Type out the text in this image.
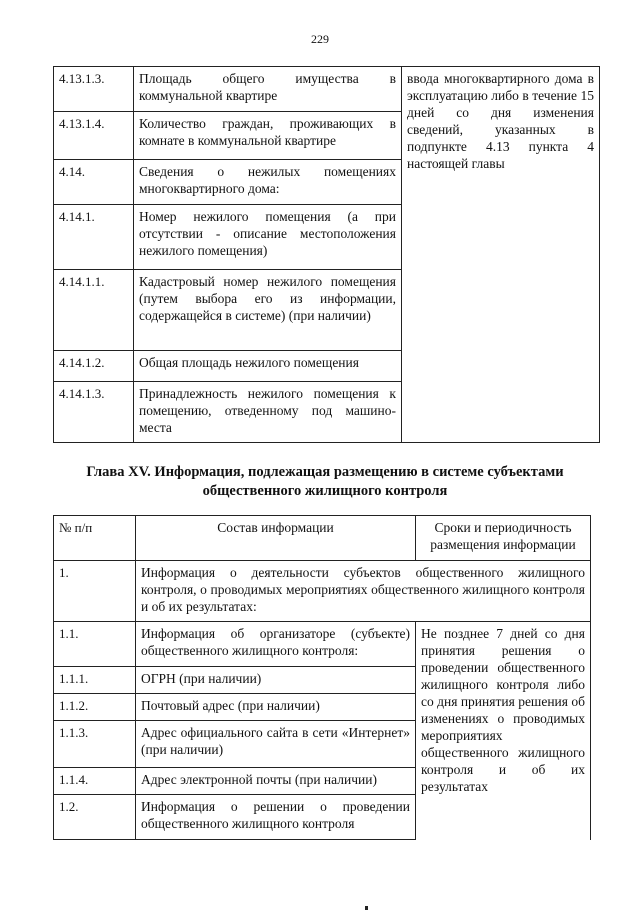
229
4.13.1.3.	Площадь общего имущества в коммунальной квартире	ввода многоквартирного дома в эксплуатацию либо в течение 15 дней со дня изменения сведений, указанных в подпункте 4.13 пункта 4 настоящей главы
4.13.1.4.	Количество граждан, проживающих в комнате в коммунальной квартире	
4.14.	Сведения о нежилых помещениях многоквартирного дома:	
4.14.1.	Номер нежилого помещения (а при отсутствии - описание местоположения нежилого помещения)	
4.14.1.1.	Кадастровый номер нежилого помещения (путем выбора его из информации, содержащейся в системе) (при наличии)	
4.14.1.2.	Общая площадь нежилого помещения	
4.14.1.3.	Принадлежность нежилого помещения к помещению, отведенному под машино-места	
Глава XV. Информация, подлежащая размещению в системе субъектами общественного жилищного контроля
№ п/п	Состав информации	Сроки и периодичность размещения информации
1.	Информация о деятельности субъектов общественного жилищного контроля, о проводимых мероприятиях общественного жилищного контроля и об их результатах:	
1.1.	Информация об организаторе (субъекте) общественного жилищного контроля:	Не позднее 7 дней со дня принятия решения о проведении общественного жилищного контроля либо со дня принятия решения об изменениях о проводимых мероприятиях общественного жилищного контроля и об их результатах
1.1.1.	ОГРН (при наличии)	
1.1.2.	Почтовый адрес (при наличии)	
1.1.3.	Адрес официального сайта в сети «Интернет» (при наличии)	
1.1.4.	Адрес электронной почты (при наличии)	
1.2.	Информация о решении о проведении общественного жилищного контроля	
